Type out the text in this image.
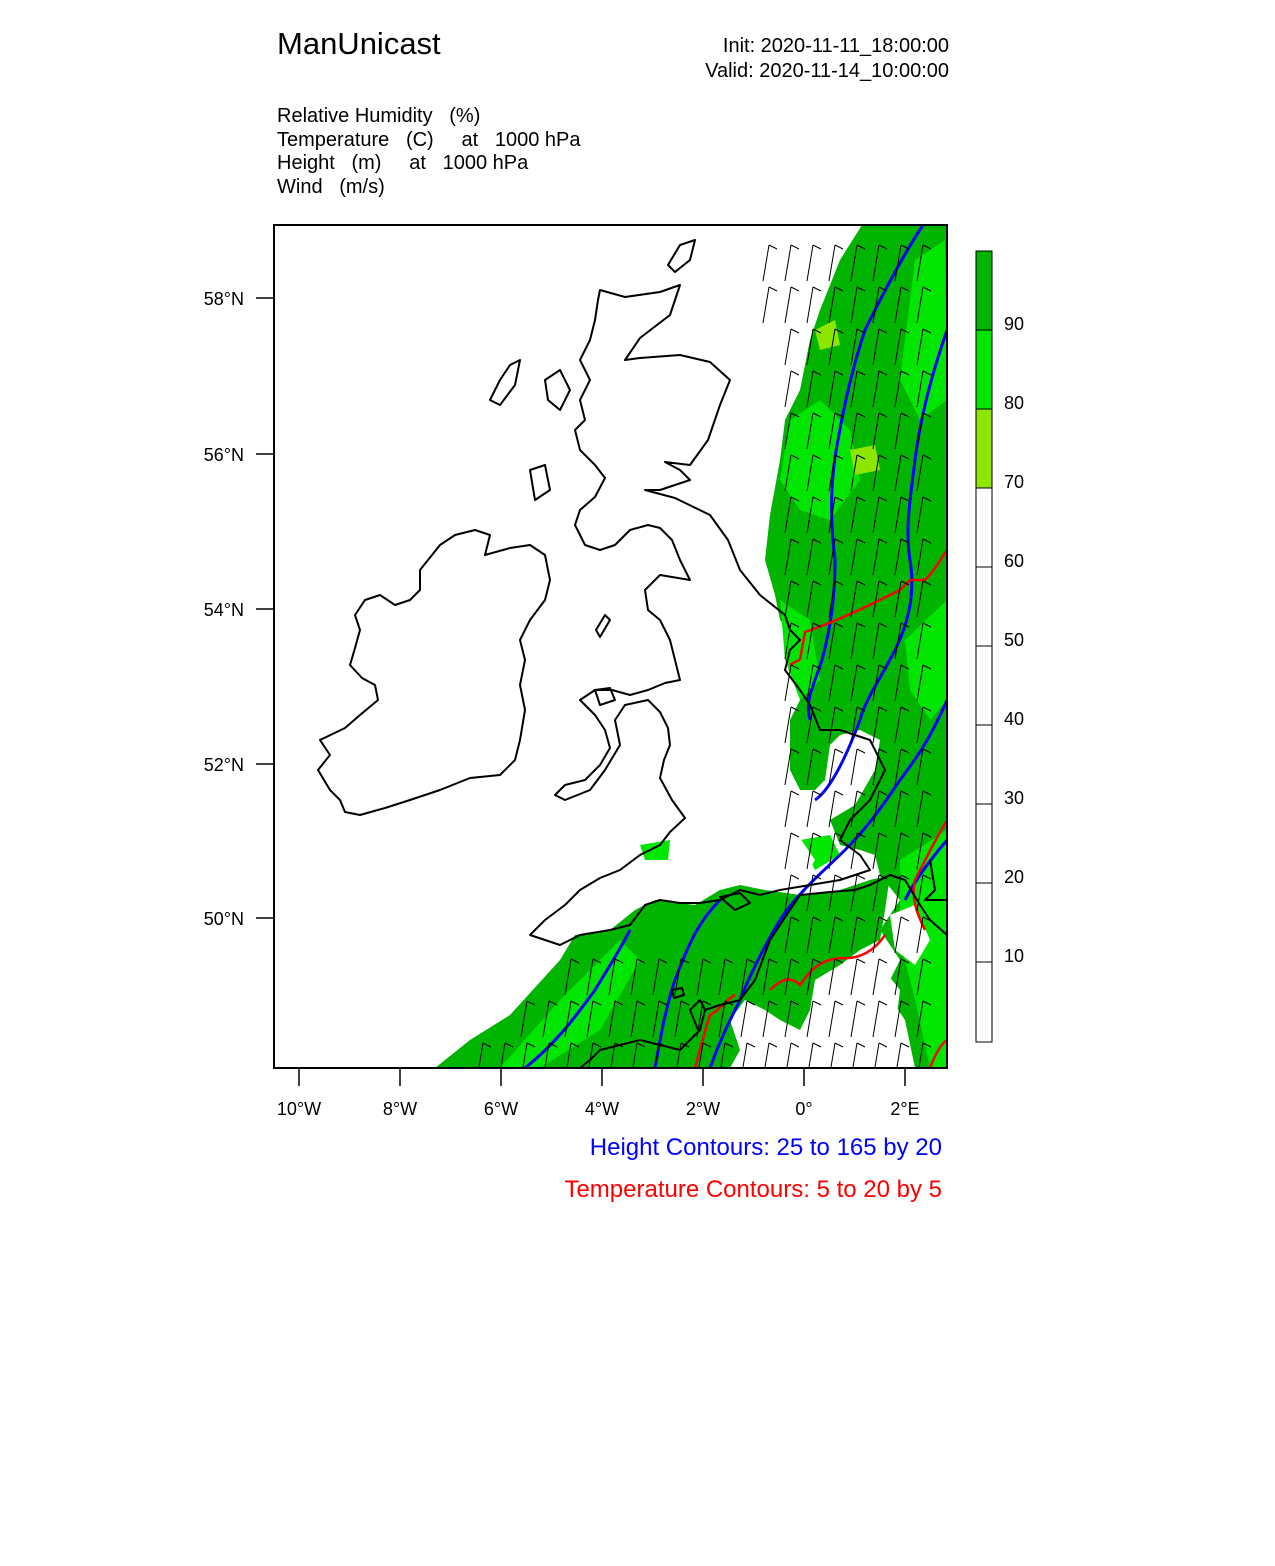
ManUnicast	Init: 2020-11-11_18:00:00
Valid: 2020-11-14_10:00:00
Relative Humidity   (%)
Temperature   (C)     at   1000 hPa
Height   (m)     at   1000 hPa
Wind   (m/s)
58°N
56°N
54°N
52°N
50°N
10°W	8°W	6°W	4°W	2°W	0°	2°E
90
80
70
60
50
40
30
20
10
Height Contours: 25 to 165 by 20
Temperature Contours: 5 to 20 by 5
